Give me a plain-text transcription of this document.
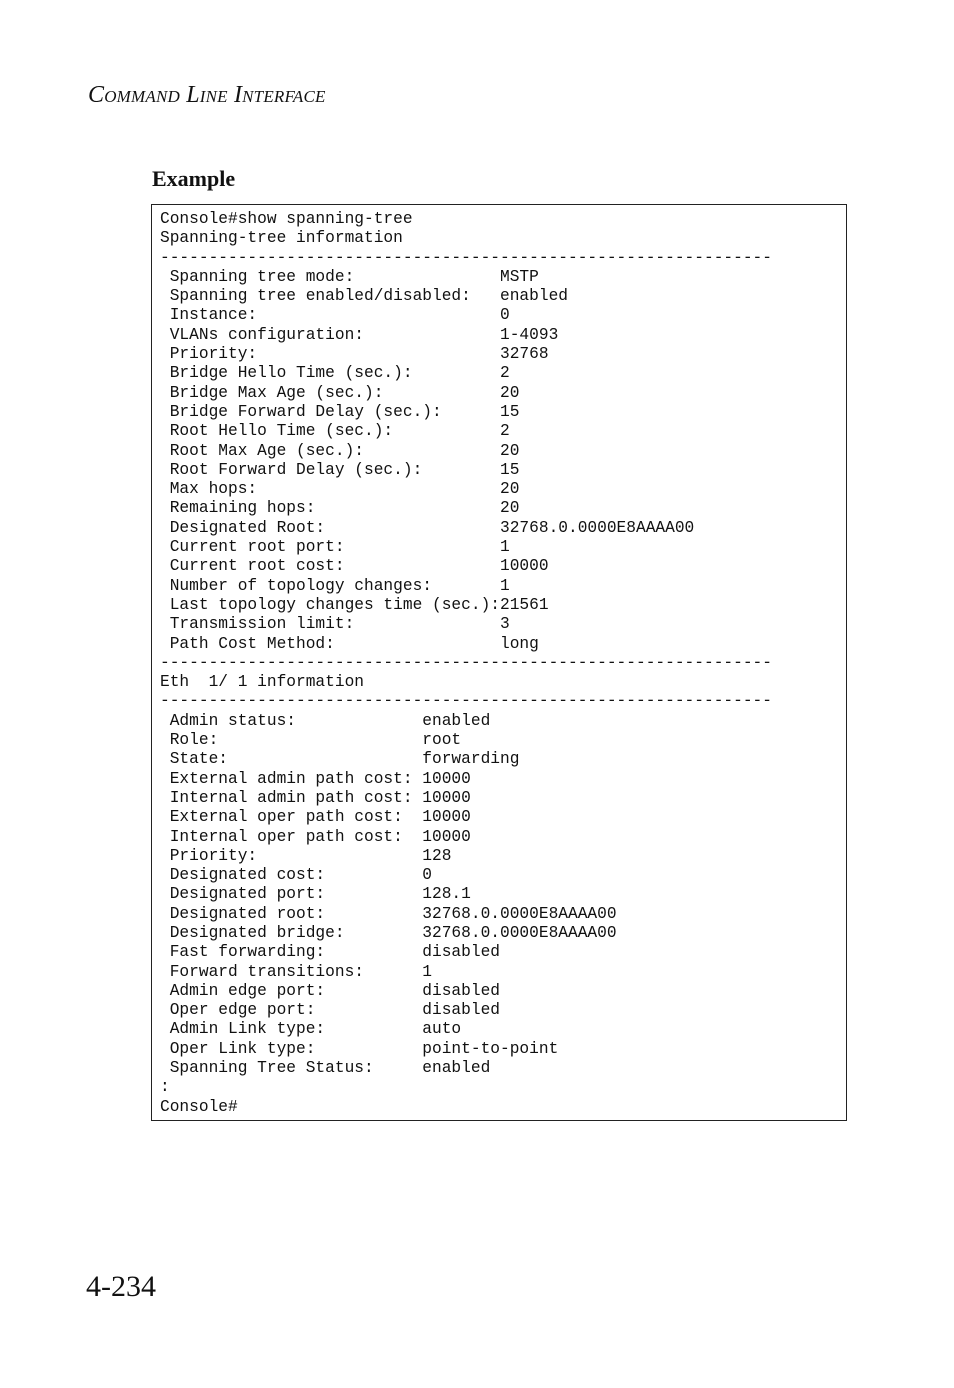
Command Line Interface
Example
Console#show spanning-tree
Spanning-tree information
---------------------------------------------------------------
Spanning tree mode:               MSTP
Spanning tree enabled/disabled:   enabled
Instance:                         0
VLANs configuration:              1-4093
Priority:                         32768
Bridge Hello Time (sec.):         2
Bridge Max Age (sec.):            20
Bridge Forward Delay (sec.):      15
Root Hello Time (sec.):           2
Root Max Age (sec.):              20
Root Forward Delay (sec.):        15
Max hops:                         20
Remaining hops:                   20
Designated Root:                  32768.0.0000E8AAAA00
Current root port:                1
Current root cost:                10000
Number of topology changes:       1
Last topology changes time (sec.):21561
Transmission limit:               3
Path Cost Method:                 long
---------------------------------------------------------------
Eth  1/ 1 information
---------------------------------------------------------------
Admin status:             enabled
Role:                     root
State:                    forwarding
External admin path cost: 10000
Internal admin path cost: 10000
External oper path cost:  10000
Internal oper path cost:  10000
Priority:                 128
Designated cost:          0
Designated port:          128.1
Designated root:          32768.0.0000E8AAAA00
Designated bridge:        32768.0.0000E8AAAA00
Fast forwarding:          disabled
Forward transitions:      1
Admin edge port:          disabled
Oper edge port:           disabled
Admin Link type:          auto
Oper Link type:           point-to-point
Spanning Tree Status:     enabled
:
Console#
4-234
